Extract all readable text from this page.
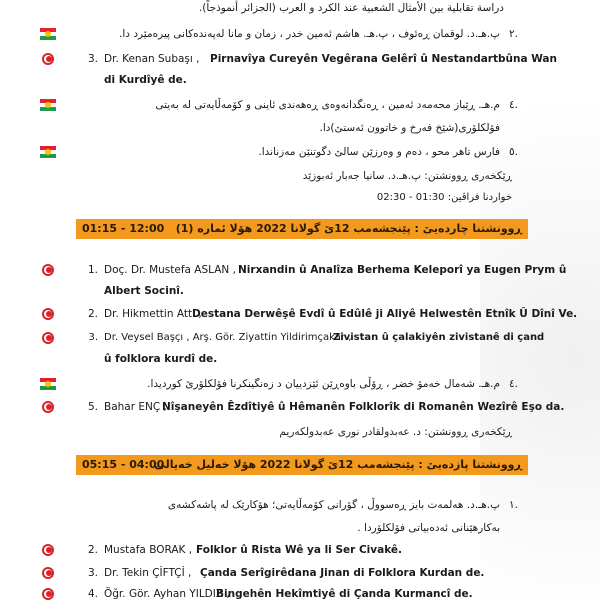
دراسة تقابلية بين الأمثال الشعبية عند الكرد و العرب (الجزائر أنموذجاً).
٢.
پ.هـ.د. لوقمان ڕەئوف ، پ.هـ. هاشم ئەمین خدر ، زمان و مانا لەپەندەکانی پیرەمێرد دا.
3. Dr. Kenan Subaşı , Pirnavîya Cureyên Vegêrana Gelêrî û Nestandartbûna Wan
di Kurdîyê de.
٤.
م.هـ. ڕێباز محەمەد ئەمین ، ڕەنگدانەوەی ڕەهەندی ئاینی و کۆمەڵایەتی لە بەیتی
فۆلکلۆری(شێخ فەرخ و خاتوون ئەستێ)دا.
٥.
فارس تاهر محو ، دەم و وەرزێن سالێ دگوتنێن مەزناندا.
ڕێکخەری ڕوونشتن: پ.هـ.د. سانیا جەبار ئەبوزێد
خواردنا فراڤین: 01:30 - 02:30
01:15 - 12:00 ڕوونشتنا چاردەیێ : پێنجشەمب 12ێ گولانا 2022 هۆلا ئمارە (1)
1. Doç. Dr. Mustefa ASLAN , Nirxandin û Analîza Berhema Keleporî ya Eugen Prym û
Albert Socinî.
2. Dr. Hikmettin Attı ,
Destana Derwêşê Evdî û Edûlê ji Aliyê Helwestên Etnîk Û Dînî Ve.
3. Dr. Veysel Başçı , Arş. Gör. Ziyattin Yildirimçakar ,
Zivistan û çalakiyên zivistanê di çand
û folklora kurdî de.
٤.
م.هـ. شەمال خەمۆ خضر ، ڕۆڵی باوەڕێن ئێزدییان د زەنگینکرنا فۆلکلۆرێ کوردیدا.
5. Bahar ENÇ ,
Nîşaneyên Êzdîtiyê û Hêmanên Folklorîk di Romanên Wezîrê Eşo da.
ڕێکخەری ڕوونشتن: د. عەبدولقادر نوری عەبدولکەریم
05:15 - 04:00
ڕوونشتنا پازدەیێ : پێنجشەمب 12ێ گولانا 2022 هۆلا خەلیل خەیالی
١.
پ.هـ.د. هەلمەت بایز ڕەسووڵ ، گۆرانی کۆمەڵایەتی؛ هۆکارێک لە پاشەکشەی
بەکارهێنانی ئەدەبیاتی فۆلکلۆردا .
2. Mustafa BORAK , Folklor û Rista Wê ya li Ser Civakê.
3. Dr. Tekin ÇİFTÇİ , Çanda Serîgirêdana Jinan di Folklora Kurdan de.
4. Öğr. Gör. Ayhan YILDIZ ,
Bingehên Hekîmtiyê di Çanda Kurmancî de.
